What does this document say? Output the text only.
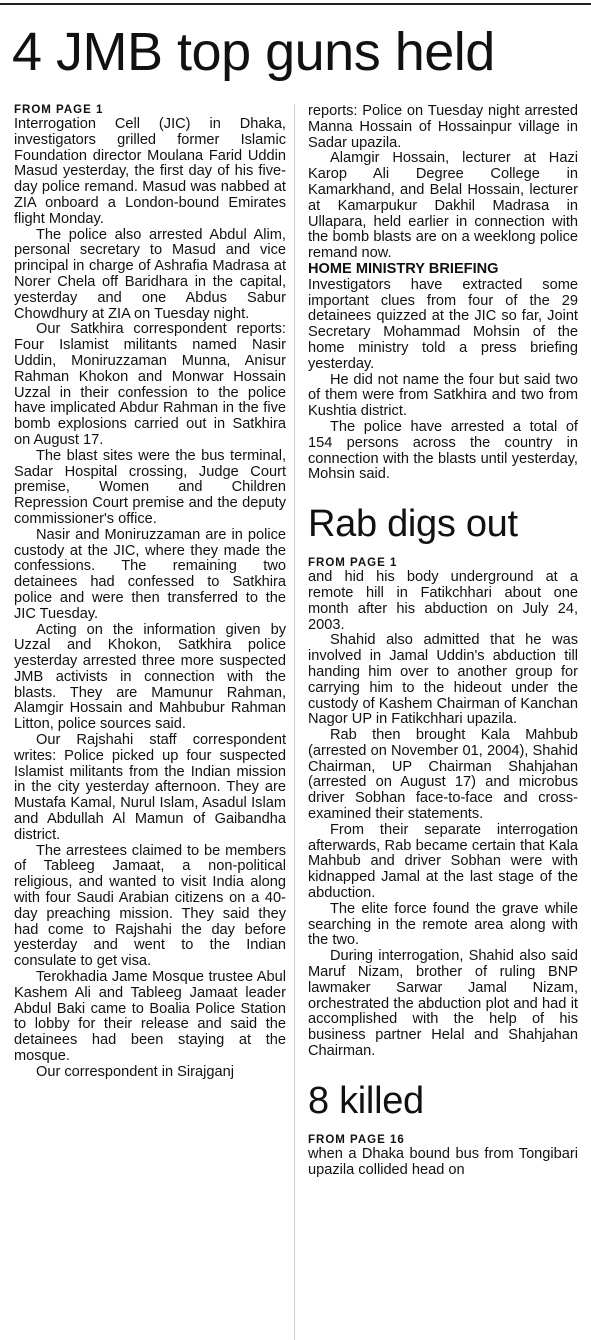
4 JMB top guns held

FROM PAGE 1

Interrogation Cell (JIC) in Dhaka, investigators grilled former Islamic Foundation director Moulana Farid Uddin Masud yesterday, the first day of his five-day police remand. Masud was nabbed at ZIA onboard a London-bound Emirates flight Monday.

The police also arrested Abdul Alim, personal secretary to Masud and vice principal in charge of Ashrafia Madrasa at Norer Chela off Baridhara in the capital, yesterday and one Abdus Sabur Chowdhury at ZIA on Tuesday night.

Our Satkhira correspondent reports: Four Islamist militants named Nasir Uddin, Moniruzzaman Munna, Anisur Rahman Khokon and Monwar Hossain Uzzal in their confession to the police have implicated Abdur Rahman in the five bomb explosions carried out in Satkhira on August 17.

The blast sites were the bus terminal, Sadar Hospital crossing, Judge Court premise, Women and Children Repression Court premise and the deputy commissioner's office.

Nasir and Moniruzzaman are in police custody at the JIC, where they made the confessions. The remaining two detainees had confessed to Satkhira police and were then transferred to the JIC Tuesday.

Acting on the information given by Uzzal and Khokon, Satkhira police yesterday arrested three more suspected JMB activists in connection with the blasts. They are Mamunur Rahman, Alamgir Hossain and Mahbubur Rahman Litton, police sources said.

Our Rajshahi staff correspondent writes: Police picked up four suspected Islamist militants from the Indian mission in the city yesterday afternoon. They are Mustafa Kamal, Nurul Islam, Asadul Islam and Abdullah Al Mamun of Gaibandha district.

The arrestees claimed to be members of Tableeg Jamaat, a non-political religious, and wanted to visit India along with four Saudi Arabian citizens on a 40-day preaching mission. They said they had come to Rajshahi the day before yesterday and went to the Indian consulate to get visa.

Terokhadia Jame Mosque trustee Abul Kashem Ali and Tableeg Jamaat leader Abdul Baki came to Boalia Police Station to lobby for their release and said the detainees had been staying at the mosque.

Our correspondent in Sirajganj

reports: Police on Tuesday night arrested Manna Hossain of Hossainpur village in Sadar upazila.

Alamgir Hossain, lecturer at Hazi Karop Ali Degree College in Kamarkhand, and Belal Hossain, lecturer at Kamarpukur Dakhil Madrasa in Ullapara, held earlier in connection with the bomb blasts are on a weeklong police remand now.

HOME MINISTRY BRIEFING

Investigators have extracted some important clues from four of the 29 detainees quizzed at the JIC so far, Joint Secretary Mohammad Mohsin of the home ministry told a press briefing yesterday.

He did not name the four but said two of them were from Satkhira and two from Kushtia district.

The police have arrested a total of 154 persons across the country in connection with the blasts until yesterday, Mohsin said.

Rab digs out

FROM PAGE 1

and hid his body underground at a remote hill in Fatikchhari about one month after his abduction on July 24, 2003.

Shahid also admitted that he was involved in Jamal Uddin's abduction till handing him over to another group for carrying him to the hideout under the custody of Kashem Chairman of Kanchan Nagor UP in Fatikchhari upazila.

Rab then brought Kala Mahbub (arrested on November 01, 2004), Shahid Chairman, UP Chairman Shahjahan (arrested on August 17) and microbus driver Sobhan face-to-face and cross-examined their statements.

From their separate interrogation afterwards, Rab became certain that Kala Mahbub and driver Sobhan were with kidnapped Jamal at the last stage of the abduction.

The elite force found the grave while searching in the remote area along with the two.

During interrogation, Shahid also said Maruf Nizam, brother of ruling BNP lawmaker Sarwar Jamal Nizam, orchestrated the abduction plot and had it accomplished with the help of his business partner Helal and Shahjahan Chairman.

8 killed

FROM PAGE 16

when a Dhaka bound bus from Tongibari upazila collided head on
